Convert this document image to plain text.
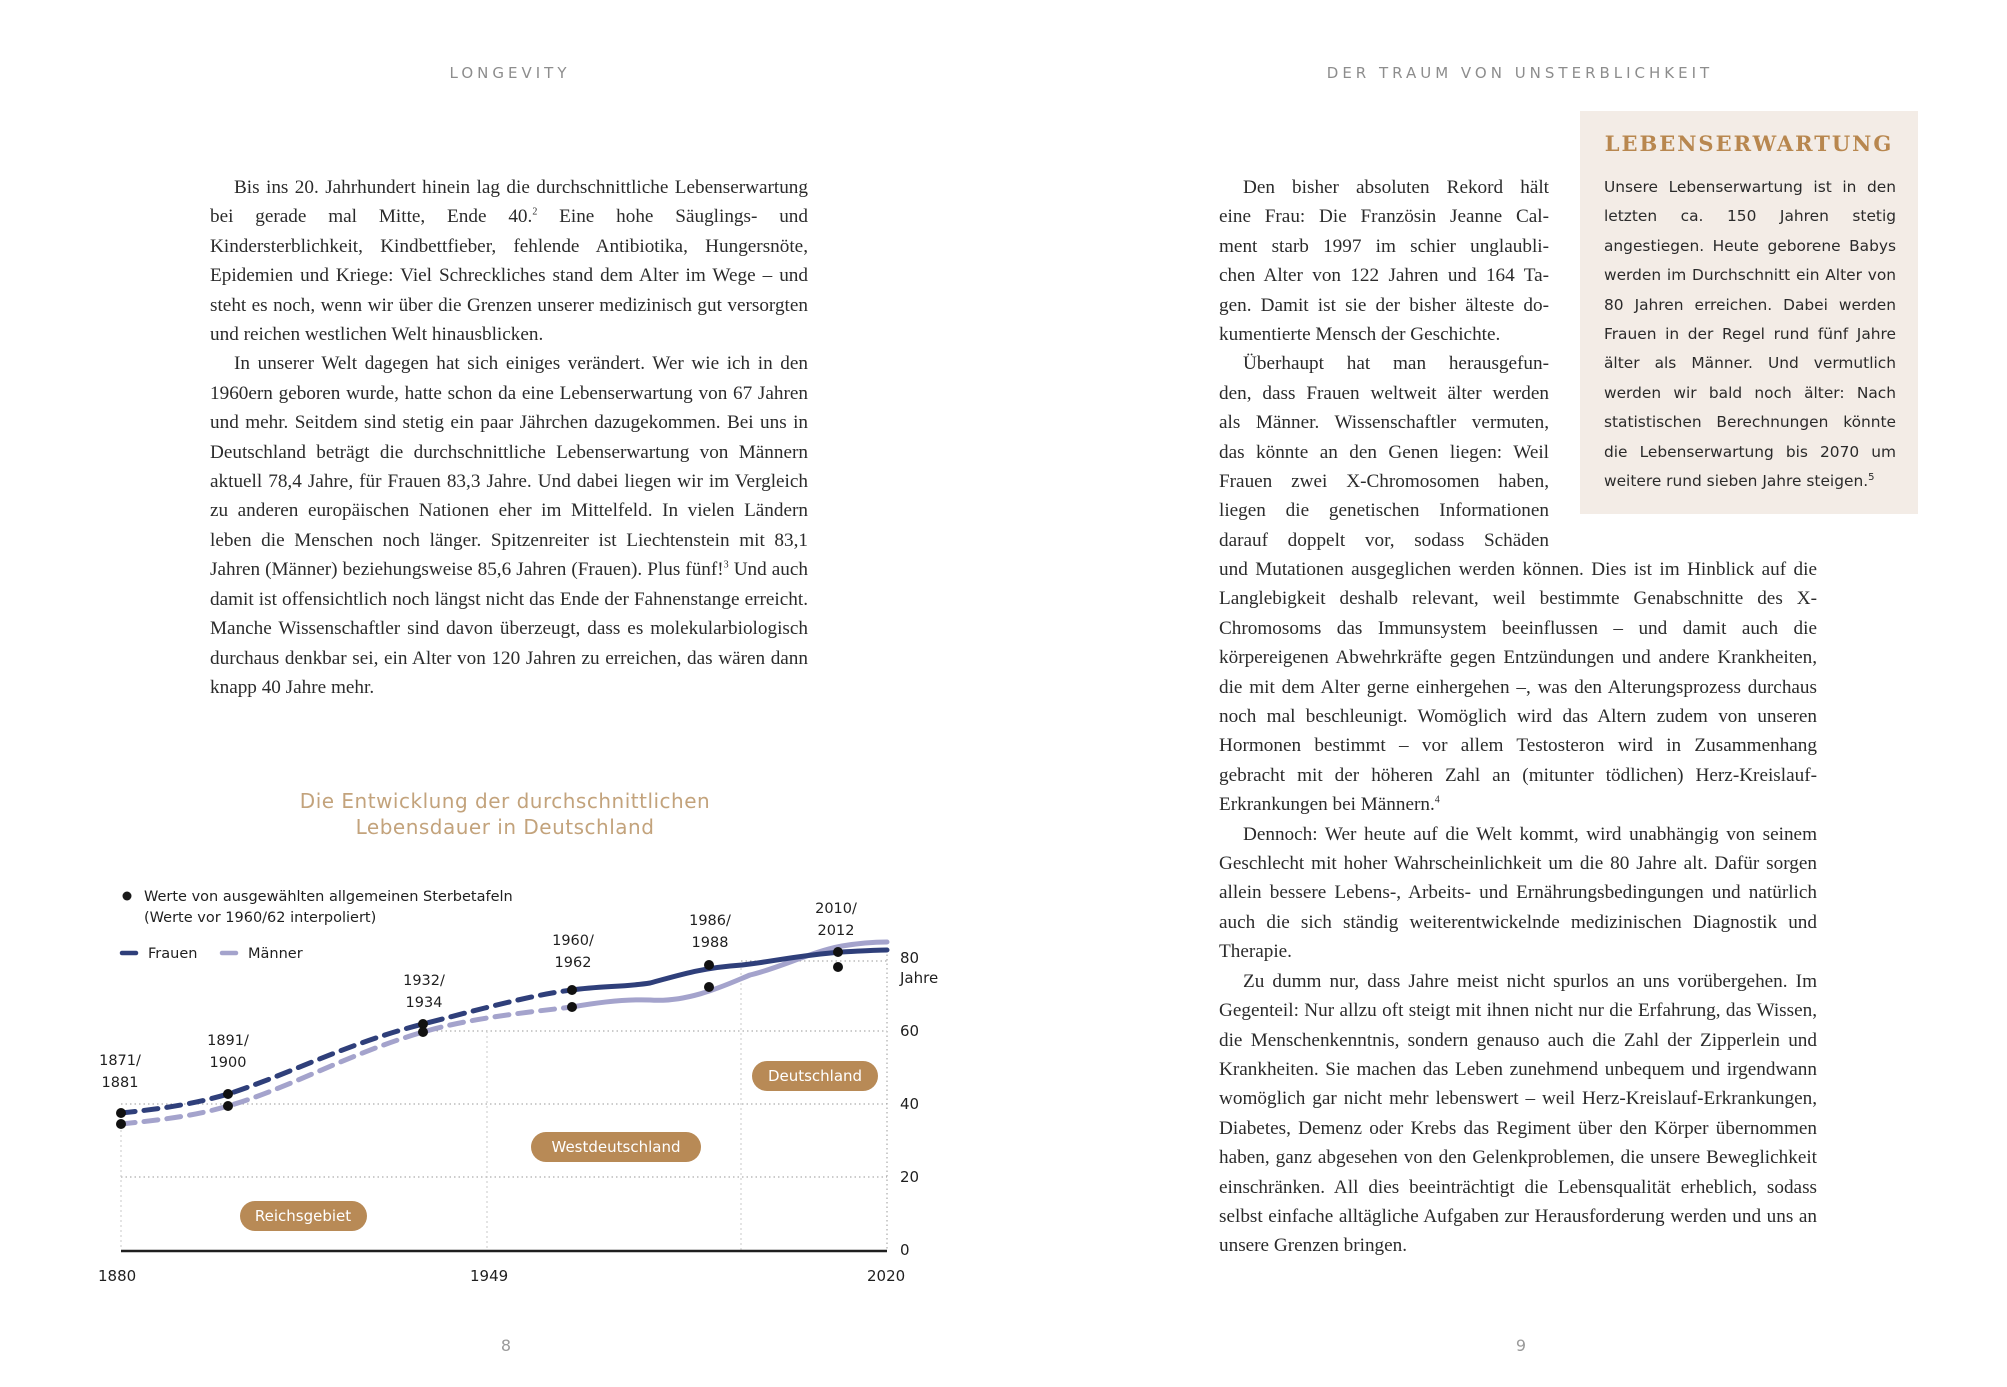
LONGEVITY

Bis ins 20. Jahrhundert hinein lag die durchschnittliche Lebenserwartung bei gerade mal Mitte, Ende 40.$^2$ Eine hohe Säuglings- und Kindersterblichkeit, Kindbettfieber, fehlende Antibiotika, Hungersnöte, Epidemien und Kriege: Viel Schreckliches stand dem Alter im Wege – und steht es noch, wenn wir über die Grenzen unserer medizinisch gut versorgten und reichen westlichen Welt hinausblicken.

In unserer Welt dagegen hat sich einiges verändert. Wer wie ich in den 1960ern geboren wurde, hatte schon da eine Lebenserwartung von 67 Jahren und mehr. Seitdem sind stetig ein paar Jährchen dazugekommen. Bei uns in Deutschland beträgt die durchschnittliche Lebenserwartung von Männern aktuell 78,4 Jahre, für Frauen 83,3 Jahre. Und dabei liegen wir im Vergleich zu anderen europäischen Nationen eher im Mittelfeld. In vielen Ländern leben die Menschen noch länger. Spitzenreiter ist Liechtenstein mit 83,1 Jahren (Männer) beziehungsweise 85,6 Jahren (Frauen). Plus fünf!$^3$ Und auch damit ist offensichtlich noch längst nicht das Ende der Fahnenstange erreicht. Manche Wissenschaftler sind davon überzeugt, dass es molekularbiologisch durchaus denkbar sei, ein Alter von 120 Jahren zu erreichen, das wären dann knapp 40 Jahre mehr.

Die Entwicklung der durchschnittlichen
Lebensdauer in Deutschland
Werte von ausgewählten allgemeinen Sterbetafeln
(Werte vor 1960/62 interpoliert)
Frauen	Männer
1871/
1881
1891/
1900
1932/
1934
1960/
1962
1986/
1988
2010/
2012
80
Jahre
60
40
20
0
1880	1949	2020
Reichsgebiet
Westdeutschland
Deutschland
8
DER TRAUM VON UNSTERBLICHKEIT
LEBENSERWARTUNG
Unsere Lebenserwartung ist in den letzten ca. 150 Jahren stetig angestiegen. Heute geborene Babys werden im Durchschnitt ein Alter von 80 Jahren erreichen. Dabei werden Frauen in der Regel rund fünf Jahre älter als Männer. Und vermutlich werden wir bald noch älter: Nach statistischen Berechnungen könnte die Lebenserwartung bis 2070 um weitere rund sieben Jahre steigen.$^5$
Den bisher absoluten Rekord hält
eine Frau: Die Französin Jeanne Cal-
ment starb 1997 im schier unglaubli-
chen Alter von 122 Jahren und 164 Ta-
gen. Damit ist sie der bisher älteste do-
kumentierte Mensch der Geschichte.
Überhaupt hat man herausgefun-
den, dass Frauen weltweit älter werden
als Männer. Wissenschaftler vermuten,
das könnte an den Genen liegen: Weil
Frauen zwei X-Chromosomen haben,
liegen die genetischen Informationen
darauf doppelt vor, sodass Schäden

und Mutationen ausgeglichen werden können. Dies ist im Hinblick auf die Langlebigkeit deshalb relevant, weil bestimmte Genabschnitte des X-Chromosoms das Immunsystem beeinflussen – und damit auch die körpereigenen Abwehrkräfte gegen Entzündungen und andere Krankheiten, die mit dem Alter gerne einhergehen –, was den Alterungsprozess durchaus noch mal beschleunigt. Womöglich wird das Altern zudem von unseren Hormonen bestimmt – vor allem Testosteron wird in Zusammenhang gebracht mit der höheren Zahl an (mitunter tödlichen) Herz-Kreislauf-Erkrankungen bei Männern.$^4$

Dennoch: Wer heute auf die Welt kommt, wird unabhängig von seinem Geschlecht mit hoher Wahrscheinlichkeit um die 80 Jahre alt. Dafür sorgen allein bessere Lebens-, Arbeits- und Ernährungsbedingungen und natürlich auch die sich ständig weiterentwickelnde medizinischen Diagnostik und Therapie.

Zu dumm nur, dass Jahre meist nicht spurlos an uns vorübergehen. Im Gegenteil: Nur allzu oft steigt mit ihnen nicht nur die Erfahrung, das Wissen, die Menschenkenntnis, sondern genauso auch die Zahl der Zipperlein und Krankheiten. Sie machen das Leben zunehmend unbequem und irgendwann womöglich gar nicht mehr lebenswert – weil Herz-Kreislauf-Erkrankungen, Diabetes, Demenz oder Krebs das Regiment über den Körper übernommen haben, ganz abgesehen von den Gelenkproblemen, die unsere Beweglichkeit einschränken. All dies beeinträchtigt die Lebensqualität erheblich, sodass selbst einfache alltägliche Aufgaben zur Herausforderung werden und uns an unsere Grenzen bringen.

9
